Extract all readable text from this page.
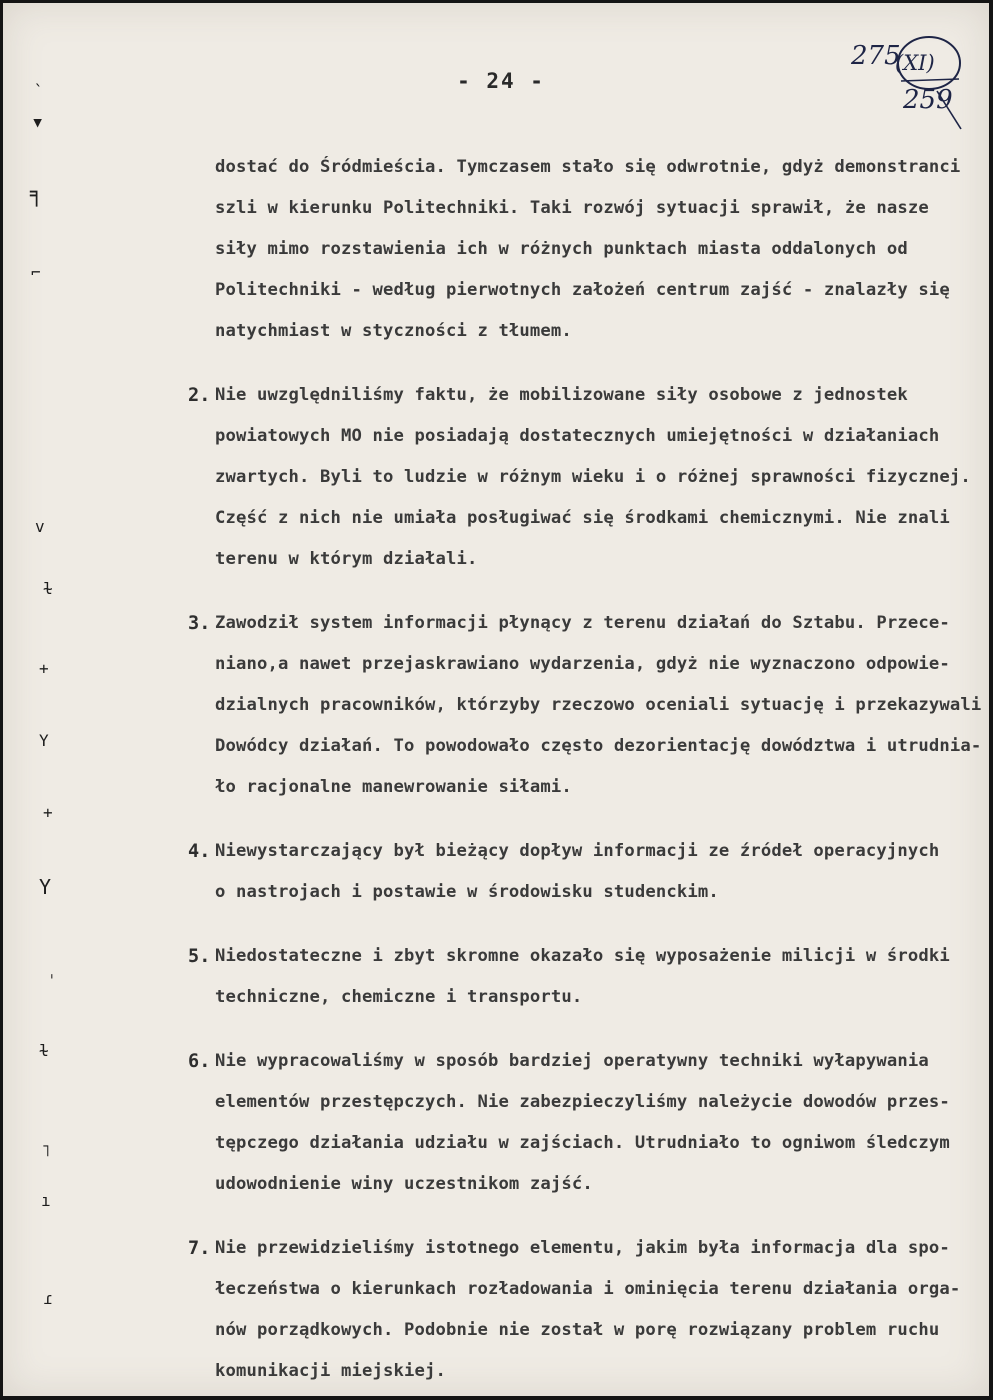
- 24 -
275
(XI)
259
ˎ
▾
╕
⌐
v
ɫ
+
Y
+
Y
ˌ
ɫ
˥
ı
ɾ

dostać do Śródmieścia. Tymczasem stało się odwrotnie, gdyż demonstranci

szli w kierunku Politechniki. Taki rozwój sytuacji sprawił, że nasze

siły mimo rozstawienia ich w różnych punktach miasta oddalonych od

Politechniki - według pierwotnych założeń centrum zajść - znalazły się

natychmiast w styczności z tłumem.

2. Nie uwzględniliśmy faktu, że mobilizowane siły osobowe z jednostek

powiatowych MO nie posiadają dostatecznych umiejętności w działaniach

zwartych. Byli to ludzie w różnym wieku i o różnej sprawności fizycznej.

Część z nich nie umiała posługiwać się środkami chemicznymi. Nie znali

terenu w którym działali.

3. Zawodził system informacji płynący z terenu działań do Sztabu. Przece-

niano,a nawet przejaskrawiano wydarzenia, gdyż nie wyznaczono odpowie-

dzialnych pracowników, którzyby rzeczowo oceniali sytuację i przekazywali

Dowódcy działań. To powodowało często dezorientację dowództwa i utrudnia-

ło racjonalne manewrowanie siłami.

4. Niewystarczający był bieżący dopływ informacji ze źródeł operacyjnych

o nastrojach i postawie w środowisku studenckim.

5. Niedostateczne i zbyt skromne okazało się wyposażenie milicji w środki

techniczne, chemiczne i transportu.

6. Nie wypracowaliśmy w sposób bardziej operatywny techniki wyłapywania

elementów przestępczych. Nie zabezpieczyliśmy należycie dowodów przes-

tępczego działania udziału w zajściach. Utrudniało to ogniwom śledczym

udowodnienie winy uczestnikom zajść.

7. Nie przewidzieliśmy istotnego elementu, jakim była informacja dla spo-

łeczeństwa o kierunkach rozładowania i ominięcia terenu działania orga-

nów porządkowych. Podobnie nie został w porę rozwiązany problem ruchu

komunikacji miejskiej.
